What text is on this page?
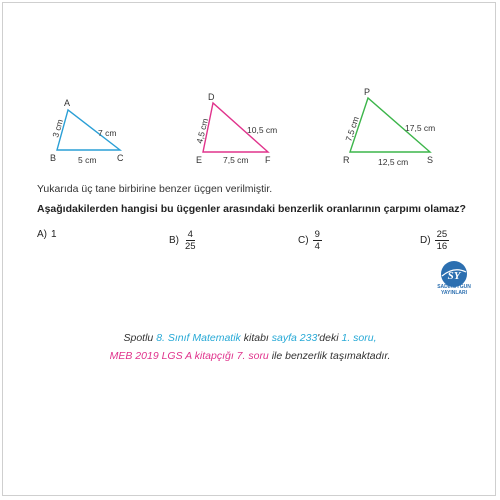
A
B	C
3 cm	7 cm
5 cm
D
E	F
4,5 cm	10,5 cm
7,5 cm
P
R	S
7,5 cm	17,5 cm
12,5 cm
Yukarıda üç tane birbirine benzer üçgen verilmiştir.
Aşağıdakilerden hangisi bu üçgenler arasındaki benzerlik oranlarının çarpımı olamaz?
A) 1
$B) \frac{4}{25}$	$C) \frac{9}{4}$	$D) \frac{25}{16}$
SY
SADIKUYGUN
YAYINLARI
Spotlu 8. Sınıf Matematik kitabı sayfa 233'deki 1. soru,
MEB 2019 LGS A kitapçığı 7. soru ile benzerlik taşımaktadır.
